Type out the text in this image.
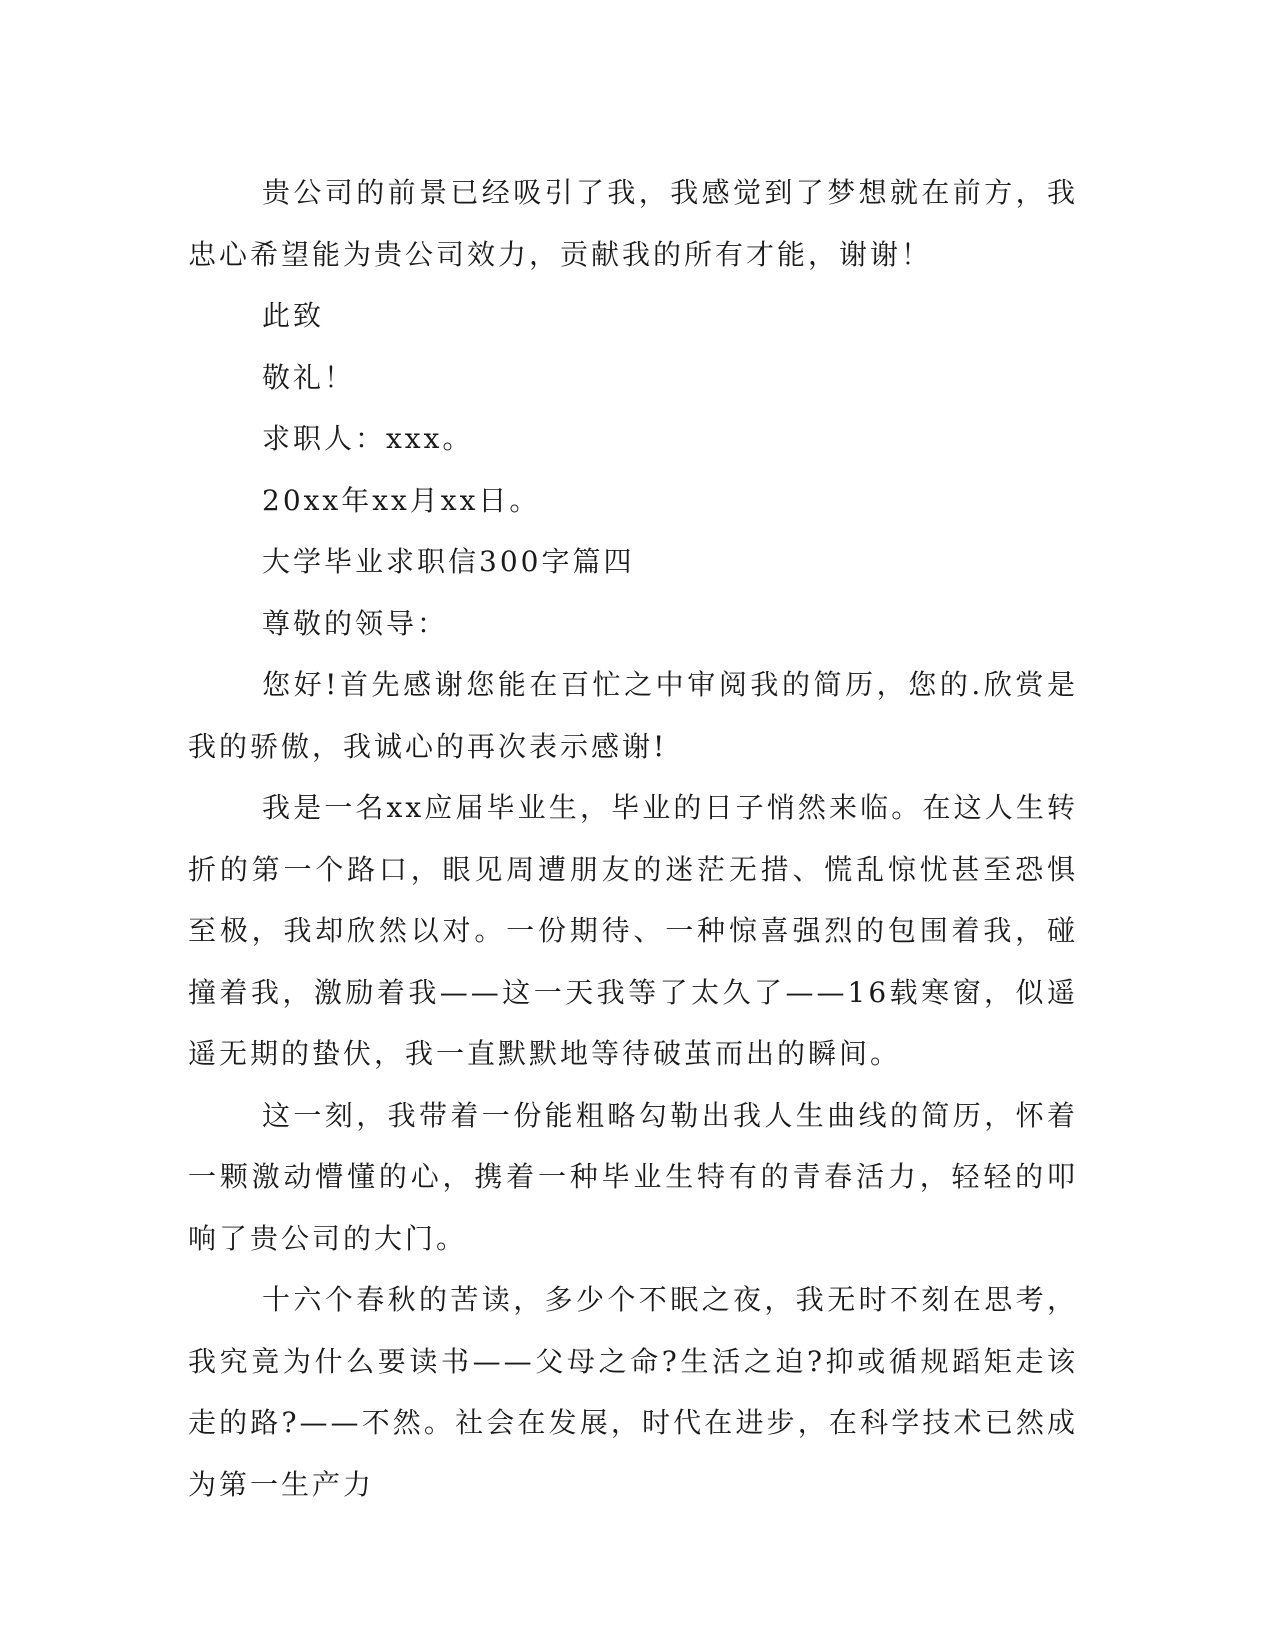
贵公司的前景已经吸引了我，我感觉到了梦想就在前方，我忠心希望能为贵公司效力，贡献我的所有才能，谢谢！

此致

敬礼！

求职人：xxx。

20xx年xx月xx日。

大学毕业求职信300字篇四

尊敬的领导：

您好!首先感谢您能在百忙之中审阅我的简历，您的.欣赏是我的骄傲，我诚心的再次表示感谢!

我是一名xx应届毕业生，毕业的日子悄然来临。在这人生转折的第一个路口，眼见周遭朋友的迷茫无措、慌乱惊忧甚至恐惧至极，我却欣然以对。一份期待、一种惊喜强烈的包围着我，碰撞着我，激励着我——这一天我等了太久了——16载寒窗，似遥遥无期的蛰伏，我一直默默地等待破茧而出的瞬间。

这一刻，我带着一份能粗略勾勒出我人生曲线的简历，怀着一颗激动懵懂的心，携着一种毕业生特有的青春活力，轻轻的叩响了贵公司的大门。

十六个春秋的苦读，多少个不眠之夜，我无时不刻在思考，我究竟为什么要读书——父母之命?生活之迫?抑或循规蹈矩走该走的路?——不然。社会在发展，时代在进步，在科学技术已然成为第一生产力
